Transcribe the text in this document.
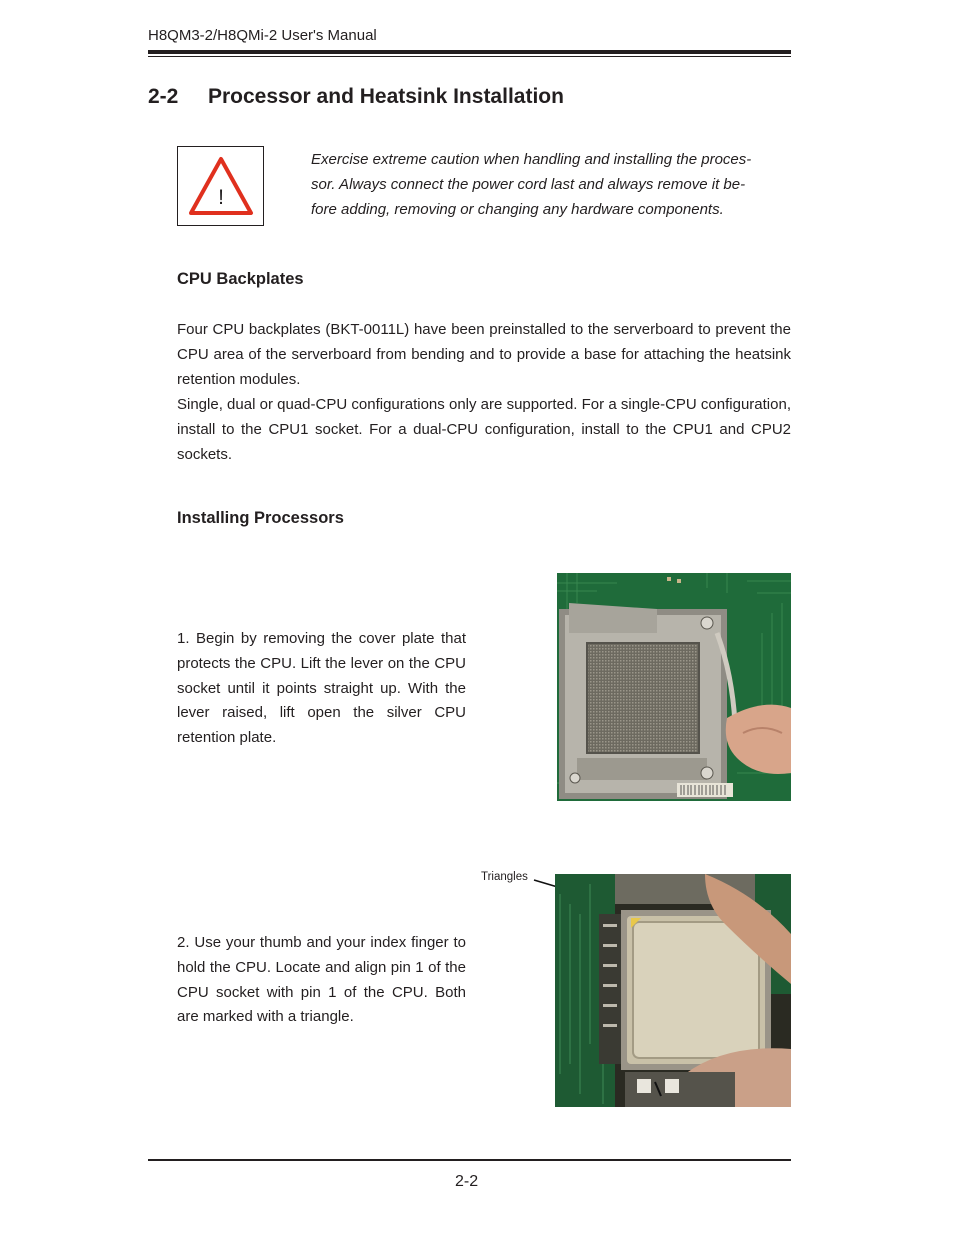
H8QM3-2/H8QMi-2 User's Manual
2-2 Processor and Heatsink Installation
!
Exercise extreme caution when handling and installing the proces-
sor. Always connect the power cord last and always remove it be-
fore adding, removing or changing any hardware components.
CPU Backplates

Four CPU backplates (BKT-0011L) have been preinstalled to the serverboard to prevent the CPU area of the serverboard from bending and to provide a base for attaching the heatsink retention modules.

Single, dual or quad-CPU configurations only are supported. For a single-CPU configuration, install to the CPU1 socket. For a dual-CPU configuration, install to the CPU1 and CPU2 sockets.

Installing Processors
1. Begin by removing the cover plate that protects the CPU. Lift the lever on the CPU socket until it points straight up. With the lever raised, lift open the silver CPU retention plate.
Triangles
2. Use your thumb and your index finger to hold the CPU. Locate and align pin 1 of the CPU socket with pin 1 of the CPU. Both are marked with a triangle.
2-2
